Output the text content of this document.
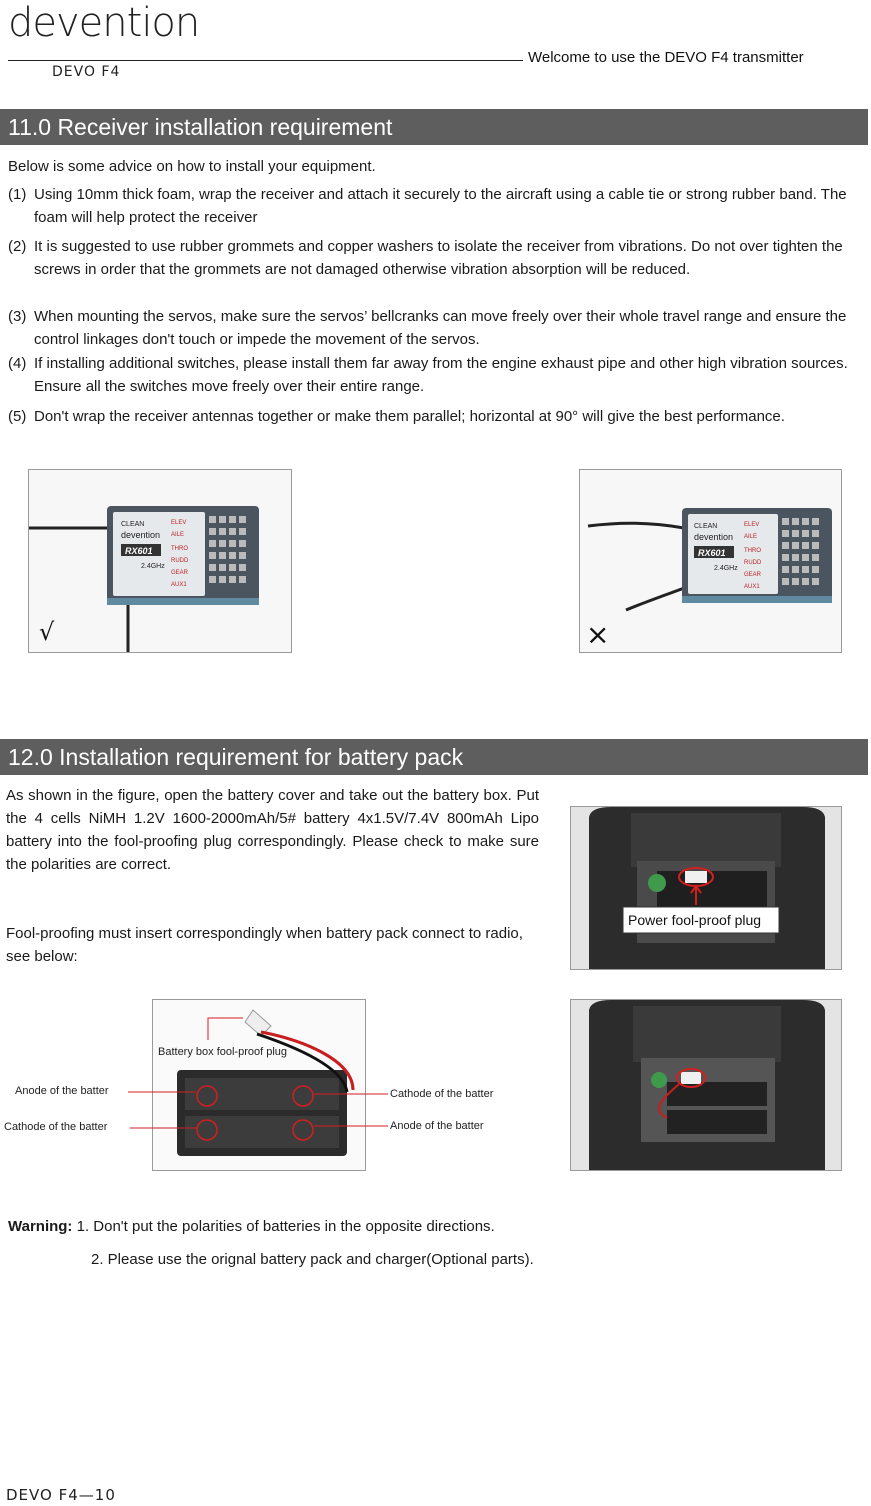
devention
DEVO F4
Welcome to use the DEVO F4 transmitter
11.0 Receiver installation requirement
Below is some advice on how to install your equipment.
(1) Using 10mm thick foam, wrap the receiver and attach it securely to the aircraft using a cable tie or strong rubber band. The foam will help protect the receiver
(2) It is suggested to use rubber grommets and copper washers to isolate the receiver from vibrations. Do not over tighten the screws in order that the grommets are not damaged otherwise vibration absorption will be reduced.
(3) When mounting the servos, make sure the servos’ bellcranks can move freely over their whole travel range and ensure the control linkages don't touch or impede the movement of the servos.
(4) If installing additional switches, please install them far away from the engine exhaust pipe and other high vibration sources. Ensure all the switches move freely over their entire range.
(5) Don't wrap the receiver antennas together or make them parallel; horizontal at 90° will give the best performance.
CLEAN
devention
RX601
2.4GHz
ELEV
AILE
THRO
RUDD
GEAR
AUX1
√
CLEAN
devention
RX601
2.4GHz
ELEV
AILE
THRO
RUDD
GEAR
AUX1
×
12.0 Installation requirement for battery pack
As shown in the figure, open the battery cover and take out the battery box. Put the 4 cells NiMH 1.2V 1600-2000mAh/5# battery 4x1.5V/7.4V 800mAh Lipo battery into the fool-proofing plug correspondingly. Please check to make sure the polarities are correct.
Fool-proofing must insert correspondingly when battery pack connect to radio, see below:
Power fool-proof plug
Battery box fool-proof plug
Anode of the batter
Cathode of the batter
Cathode of the batter
Anode of the batter
Warning: 1. Don't put the polarities of batteries in the opposite directions.
2. Please use the orignal battery pack and charger(Optional parts).
DEVO F4—10
